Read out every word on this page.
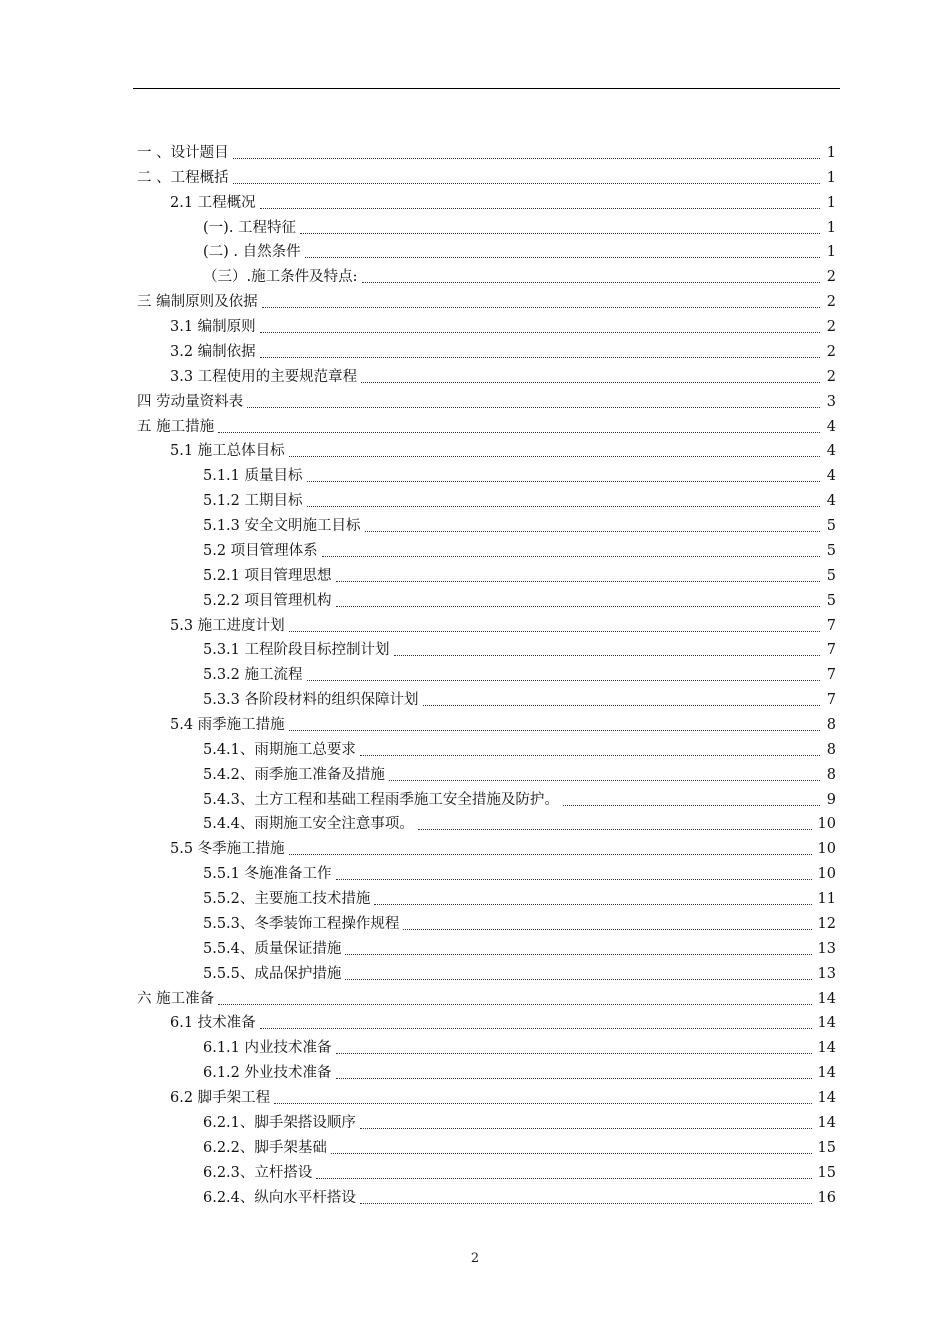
一 、设计题目	1
二 、工程概括	1
2.1 工程概况	1
(一). 工程特征	1
(二) . 自然条件	1
（三）.施工条件及特点:	2
三 编制原则及依据	2
3.1 编制原则	2
3.2 编制依据	2
3.3 工程使用的主要规范章程	2
四 劳动量资料表	3
五 施工措施	4
5.1 施工总体目标	4
5.1.1 质量目标	4
5.1.2 工期目标	4
5.1.3 安全文明施工目标	5
5.2 项目管理体系	5
5.2.1 项目管理思想	5
5.2.2 项目管理机构	5
5.3 施工进度计划	7
5.3.1 工程阶段目标控制计划	7
5.3.2 施工流程	7
5.3.3 各阶段材料的组织保障计划	7
5.4 雨季施工措施	8
5.4.1、雨期施工总要求	8
5.4.2、雨季施工准备及措施	8
5.4.3、土方工程和基础工程雨季施工安全措施及防护。	9
5.4.4、雨期施工安全注意事项。	10
5.5 冬季施工措施	10
5.5.1 冬施准备工作	10
5.5.2、主要施工技术措施	11
5.5.3、冬季装饰工程操作规程	12
5.5.4、质量保证措施	13
5.5.5、成品保护措施	13
六 施工准备	14
6.1 技术准备	14
6.1.1 内业技术准备	14
6.1.2 外业技术准备	14
6.2 脚手架工程	14
6.2.1、脚手架搭设顺序	14
6.2.2、脚手架基础	15
6.2.3、立杆搭设	15
6.2.4、纵向水平杆搭设	16
2
